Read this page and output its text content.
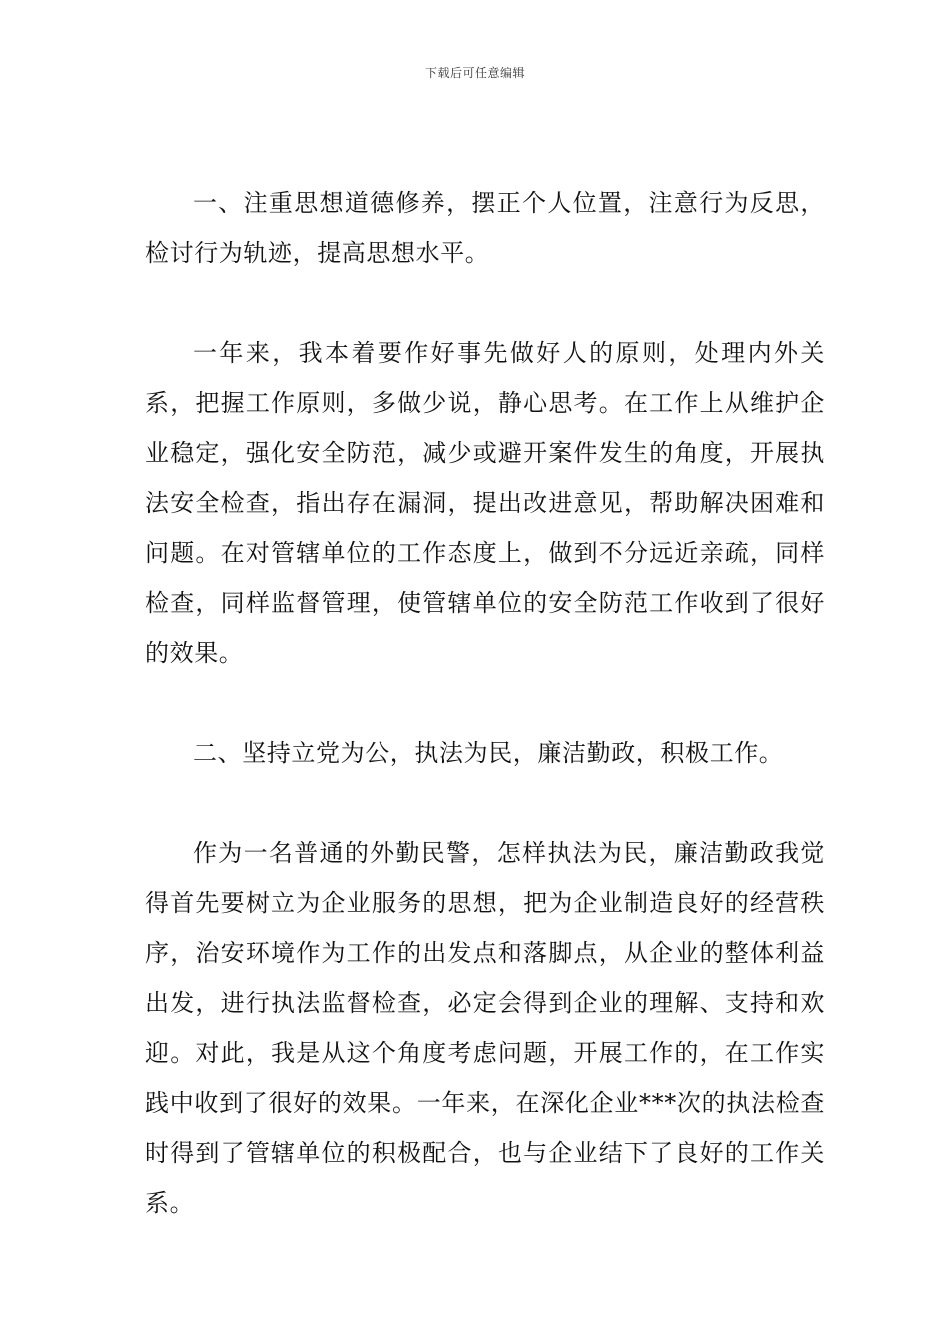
下载后可任意编辑

一、注重思想道德修养，摆正个人位置，注意行为反思，检讨行为轨迹，提高思想水平。

一年来，我本着要作好事先做好人的原则，处理内外关系，把握工作原则，多做少说，静心思考。在工作上从维护企业稳定，强化安全防范，减少或避开案件发生的角度，开展执法安全检查，指出存在漏洞，提出改进意见，帮助解决困难和问题。在对管辖单位的工作态度上，做到不分远近亲疏，同样检查，同样监督管理，使管辖单位的安全防范工作收到了很好的效果。

二、坚持立党为公，执法为民，廉洁勤政，积极工作。

作为一名普通的外勤民警，怎样执法为民，廉洁勤政我觉得首先要树立为企业服务的思想，把为企业制造良好的经营秩序，治安环境作为工作的出发点和落脚点，从企业的整体利益出发，进行执法监督检查，必定会得到企业的理解、支持和欢迎。对此，我是从这个角度考虑问题，开展工作的，在工作实践中收到了很好的效果。一年来，在深化企业***次的执法检查时得到了管辖单位的积极配合，也与企业结下了良好的工作关系。
